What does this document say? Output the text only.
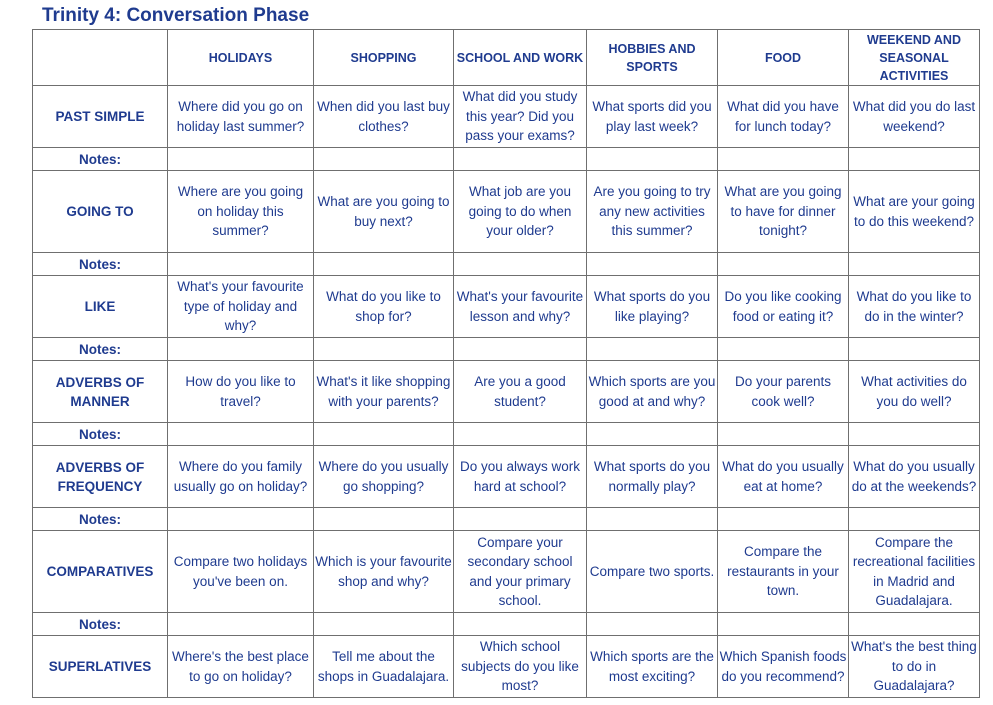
Trinity 4: Conversation Phase
	HOLIDAYS	SHOPPING	SCHOOL AND WORK	HOBBIES AND SPORTS	FOOD	WEEKEND AND SEASONAL ACTIVITIES
PAST SIMPLE	Where did you go on holiday last summer?	When did you last buy clothes?	What did you study this year? Did you pass your exams?	What sports did you play last week?	What did you have for lunch today?	What did you do last weekend?
Notes:						
GOING TO	Where are you going on holiday this summer?	What are you going to buy next?	What job are you going to do when your older?	Are you going to try any new activities this summer?	What are you going to have for dinner tonight?	What are your going to do this weekend?
Notes:						
LIKE	What's your favourite type of holiday and why?	What do you like to shop for?	What's your favourite lesson and why?	What sports do you like playing?	Do you like cooking food or eating it?	What do you like to do in the winter?
Notes:						
ADVERBS OF MANNER	How do you like to travel?	What's it like shopping with your parents?	Are you a good student?	Which sports are you good at and why?	Do your parents cook well?	What activities do you do well?
Notes:						
ADVERBS OF FREQUENCY	Where do you family usually go on holiday?	Where do you usually go shopping?	Do you always work hard at school?	What sports do you normally play?	What do you usually eat at home?	What do you usually do at the weekends?
Notes:						
COMPARATIVES	Compare two holidays you've been on.	Which is your favourite shop and why?	Compare your secondary school and your primary school.	Compare two sports.	Compare the restaurants in your town.	Compare the recreational facilities in Madrid and Guadalajara.
Notes:						
SUPERLATIVES	Where's the best place to go on holiday?	Tell me about the shops in Guadalajara.	Which school subjects do you like most?	Which sports are the most exciting?	Which Spanish foods do you recommend?	What's the best thing to do in Guadalajara?
